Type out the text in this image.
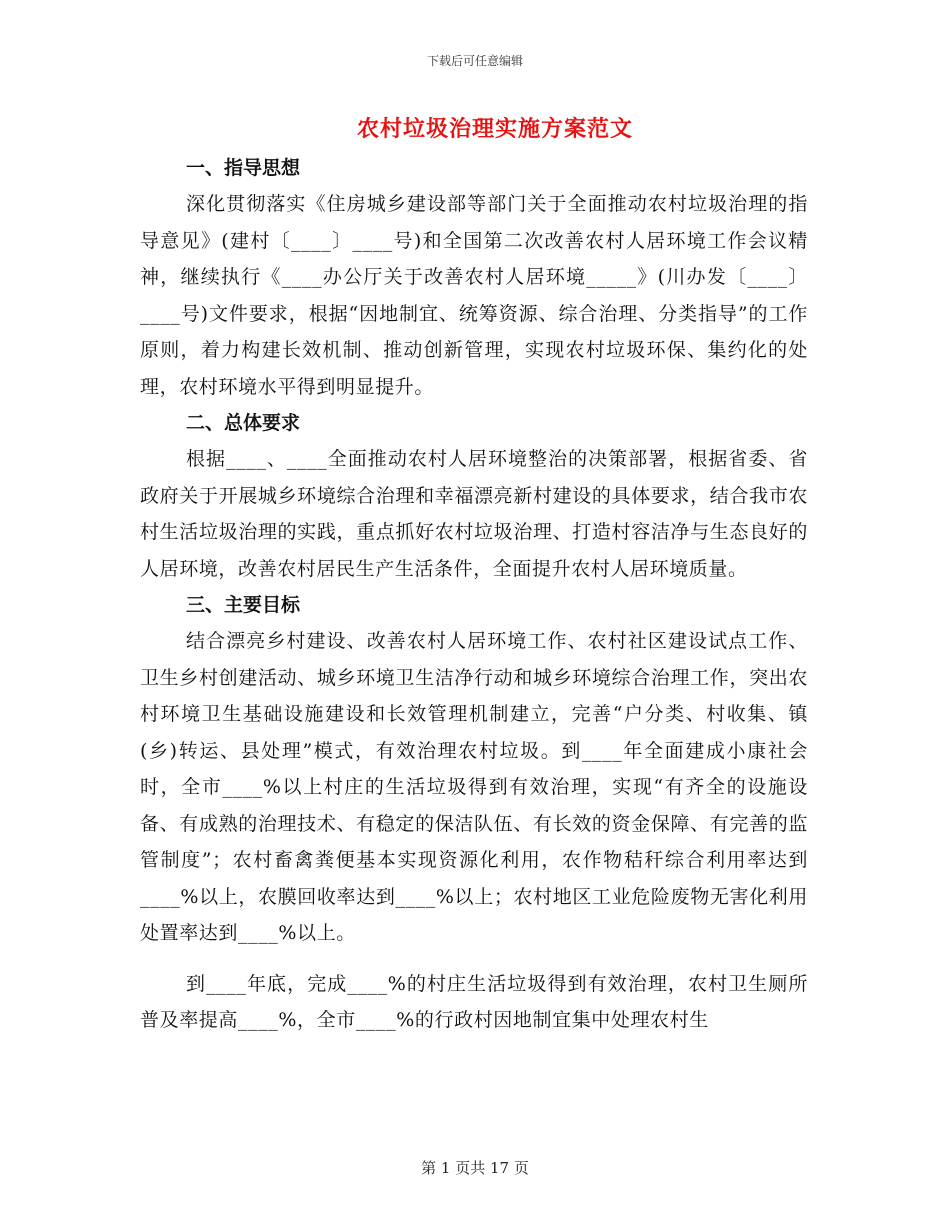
下载后可任意编辑
农村垃圾治理实施方案范文
一、指导思想

深化贯彻落实《住房城乡建设部等部门关于全面推动农村垃圾治理的指导意见》(建村〔____〕____号)和全国第二次改善农村人居环境工作会议精神，继续执行《____办公厅关于改善农村人居环境_____》(川办发〔____〕____号)文件要求，根据“因地制宜、统筹资源、综合治理、分类指导”的工作原则，着力构建长效机制、推动创新管理，实现农村垃圾环保、集约化的处理，农村环境水平得到明显提升。

二、总体要求

根据____、____全面推动农村人居环境整治的决策部署，根据省委、省政府关于开展城乡环境综合治理和幸福漂亮新村建设的具体要求，结合我市农村生活垃圾治理的实践，重点抓好农村垃圾治理、打造村容洁净与生态良好的人居环境，改善农村居民生产生活条件，全面提升农村人居环境质量。

三、主要目标

结合漂亮乡村建设、改善农村人居环境工作、农村社区建设试点工作、卫生乡村创建活动、城乡环境卫生洁净行动和城乡环境综合治理工作，突出农村环境卫生基础设施建设和长效管理机制建立，完善“户分类、村收集、镇(乡)转运、县处理”模式，有效治理农村垃圾。到____年全面建成小康社会时，全市____%以上村庄的生活垃圾得到有效治理，实现“有齐全的设施设备、有成熟的治理技术、有稳定的保洁队伍、有长效的资金保障、有完善的监管制度”；农村畜禽粪便基本实现资源化利用，农作物秸秆综合利用率达到____%以上，农膜回收率达到____%以上；农村地区工业危险废物无害化利用处置率达到____%以上。

到____年底，完成____%的村庄生活垃圾得到有效治理，农村卫生厕所普及率提高____%，全市____%的行政村因地制宜集中处理农村生

第 1 页共 17 页
